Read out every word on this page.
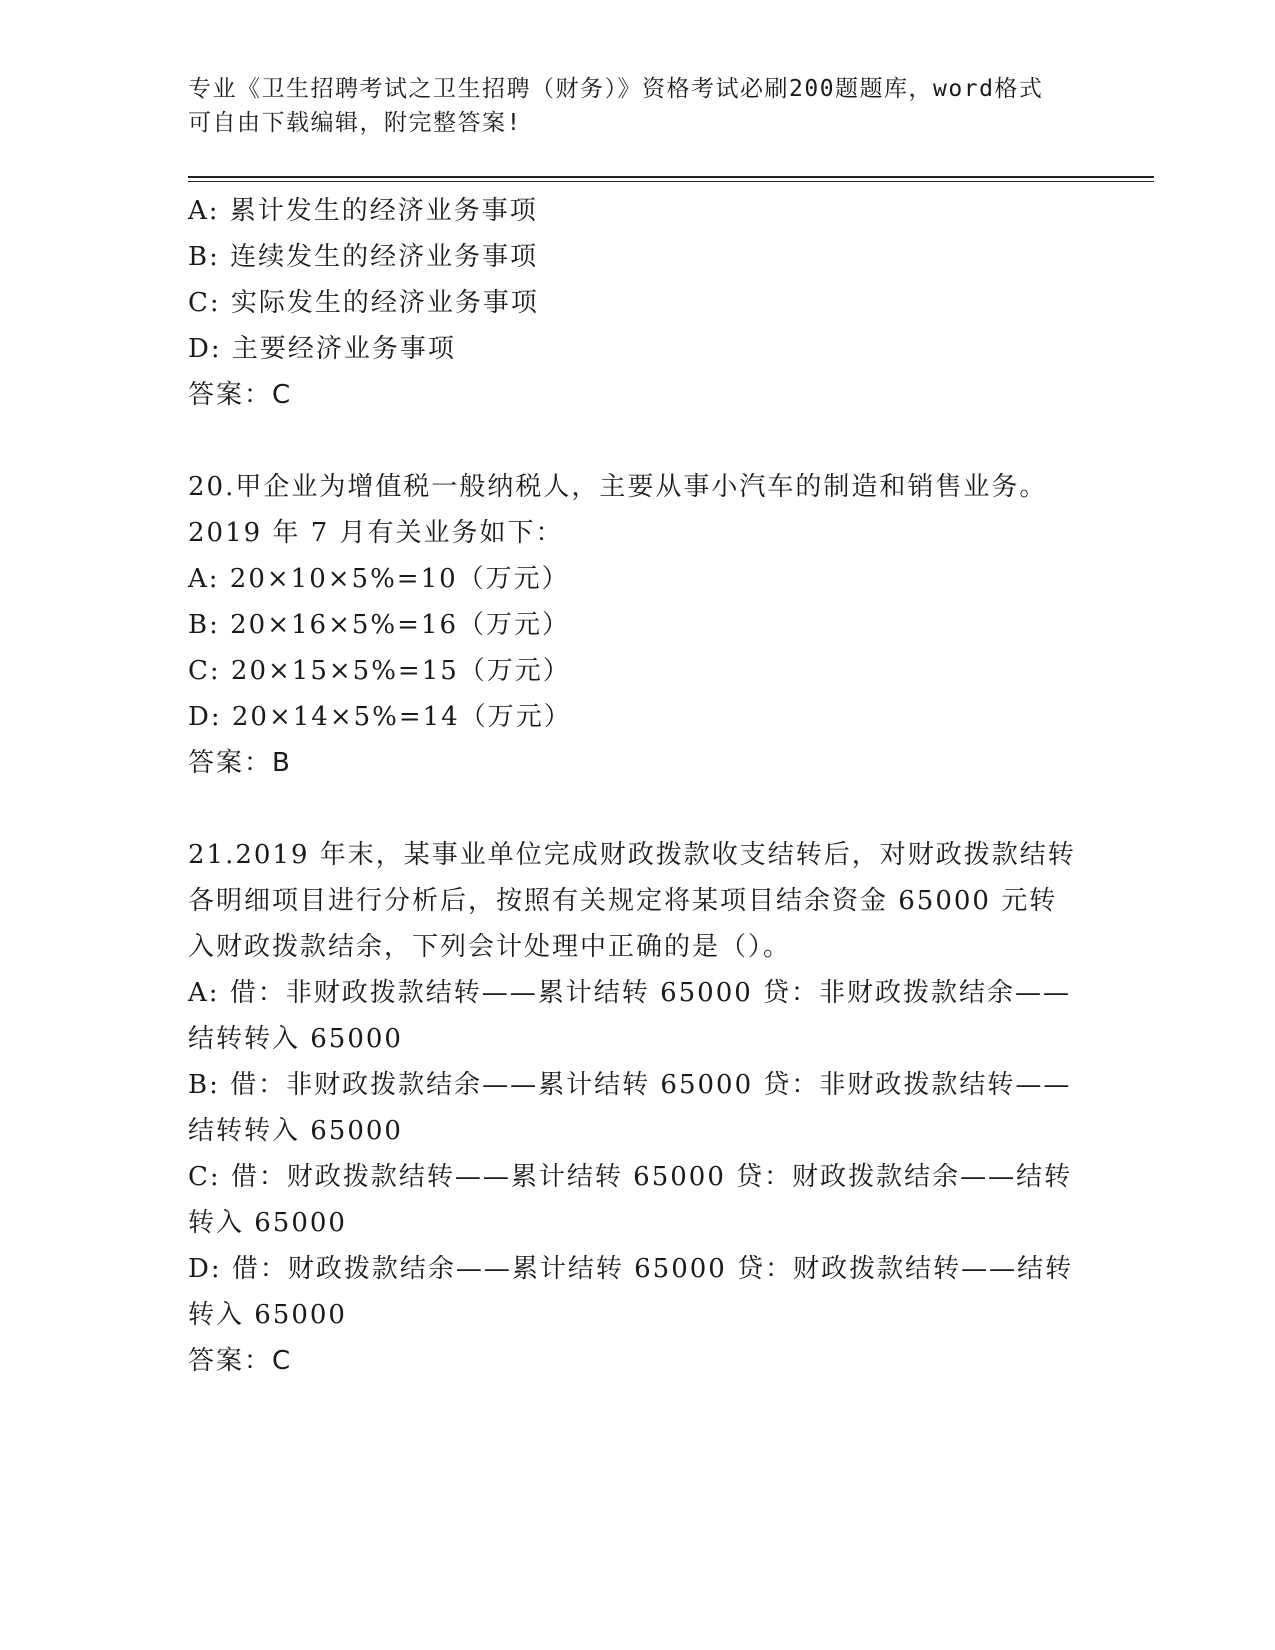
专业《卫生招聘考试之卫生招聘（财务）》资格考试必刷200题题库，word格式
可自由下载编辑，附完整答案!
A: 累计发生的经济业务事项
B: 连续发生的经济业务事项
C: 实际发生的经济业务事项
D: 主要经济业务事项
答案：C
20.甲企业为增值税一般纳税人，主要从事小汽车的制造和销售业务。
2019 年 7 月有关业务如下：
A: 20×10×5%=10（万元）
B: 20×16×5%=16（万元）
C: 20×15×5%=15（万元）
D: 20×14×5%=14（万元）
答案：B
21.2019 年末，某事业单位完成财政拨款收支结转后，对财政拨款结转
各明细项目进行分析后，按照有关规定将某项目结余资金 65000 元转
入财政拨款结余，下列会计处理中正确的是（）。
A: 借：非财政拨款结转——累计结转 65000 贷：非财政拨款结余——
结转转入 65000
B: 借：非财政拨款结余——累计结转 65000 贷：非财政拨款结转——
结转转入 65000
C: 借：财政拨款结转——累计结转 65000 贷：财政拨款结余——结转
转入 65000
D: 借：财政拨款结余——累计结转 65000 贷：财政拨款结转——结转
转入 65000
答案：C
